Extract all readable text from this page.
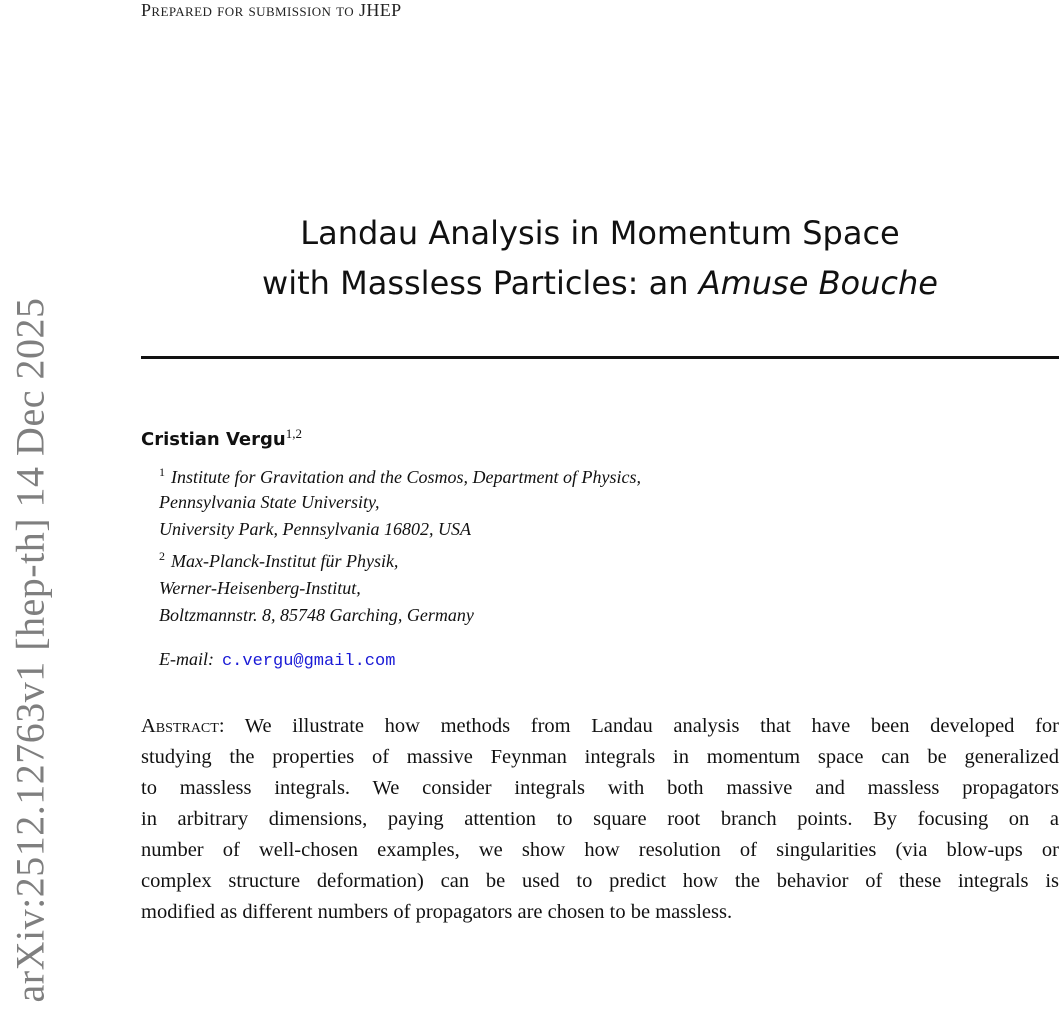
arXiv:2512.12763v1 [hep-th] 14 Dec 2025
Prepared for submission to JHEP
Landau Analysis in Momentum Space
with Massless Particles: an Amuse Bouche
Cristian Vergu$^{1,2}$
$^1$ Institute for Gravitation and the Cosmos, Department of Physics,
Pennsylvania State University,
University Park, Pennsylvania 16802, USA
$^2$ Max-Planck-Institut für Physik,
Werner-Heisenberg-Institut,
Boltzmannstr. 8, 85748 Garching, Germany
E-mail: c.vergu@gmail.com
Abstract: We illustrate how methods from Landau analysis that have been developed for
studying the properties of massive Feynman integrals in momentum space can be generalized
to massless integrals. We consider integrals with both massive and massless propagators
in arbitrary dimensions, paying attention to square root branch points. By focusing on a
number of well-chosen examples, we show how resolution of singularities (via blow-ups or
complex structure deformation) can be used to predict how the behavior of these integrals is
modified as different numbers of propagators are chosen to be massless.
